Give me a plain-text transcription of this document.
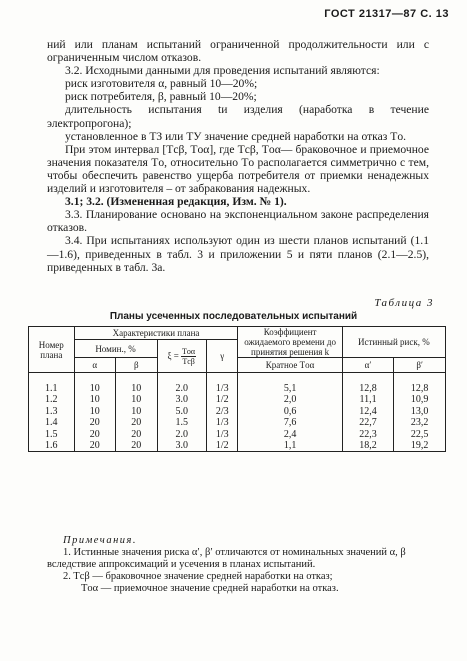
ГОСТ 21317—87 С. 13

ний или планам испытаний ограниченной продолжительности или с ограниченным числом отказов.

3.2. Исходными данными для проведения испытаний являются:

риск изготовителя α, равный 10—20%;

риск потребителя, β, равный 10—20%;

длительность испытания tи изделия (наработка в течение электропрогона);

установленное в ТЗ или ТУ значение средней наработки на отказ Tо.

При этом интервал [Tсβ, Tоα], где Tсβ, Tоα— браковочное и приемочное значения показателя Tо, относительно Tо располагается симметрично с тем, чтобы обеспечить равенство ущерба потребителя от приемки ненадежных изделий и изготовителя – от забракования надежных.

3.1; 3.2. (Измененная редакция, Изм. № 1).

3.3. Планирование основано на экспоненциальном законе распределения отказов.

3.4. При испытаниях используют один из шести планов испытаний (1.1—1.6), приведенных в табл. 3 и приложении 5 и пяти планов (2.1—2.5), приведенных в табл. 3а.

Таблица 3
Планы усеченных последовательных испытаний
Номер плана	Характеристики плана				Коэффициент ожидаемого времени до принятия решения k	Истинный риск, %	
	Номин., %		$\xi = \frac{\text{Tоα}}{\text{Tсβ}}$	γ			
	α	β			Кратное Tоα	α′	β′

1.1	10	10	2.0	1/3	5,1	12,8	12,8
1.2	10	10	3.0	1/2	2,0	11,1	10,9
1.3	10	10	5.0	2/3	0,6	12,4	13,0
1.4	20	20	1.5	1/3	7,6	22,7	23,2
1.5	20	20	2.0	1/3	2,4	22,3	22,5
1.6	20	20	3.0	1/2	1,1	18,2	19,2

Примечания.

1. Истинные значения риска α′, β′ отличаются от номинальных значений α, β вследствие аппроксимаций и усечения в планах испытаний.

2. Tсβ — браковочное значение средней наработки на отказ;

Tоα — приемочное значение средней наработки на отказ.
